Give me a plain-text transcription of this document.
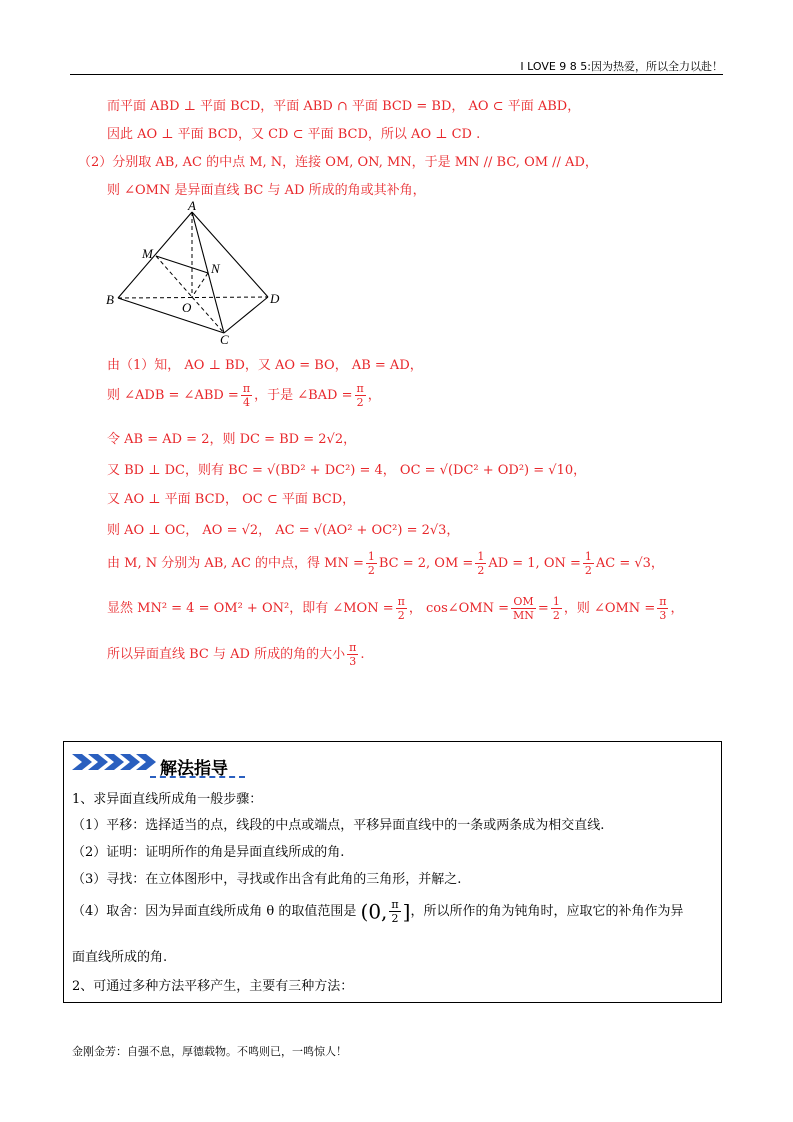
I LOVE 9 8 5:因为热爱，所以全力以赴！
而平面 ABD ⊥ 平面 BCD，平面 ABD ∩ 平面 BCD = BD， AO ⊂ 平面 ABD，
因此 AO ⊥ 平面 BCD，又 CD ⊂ 平面 BCD，所以 AO ⊥ CD .
（2）分别取 AB, AC 的中点 M, N，连接 OM, ON, MN，于是 MN // BC, OM // AD，
则 ∠OMN 是异面直线 BC 与 AD 所成的角或其补角，
A
M
N
B
O
D
C
由（1）知， AO ⊥ BD，又 AO = BO， AB = AD，
则 ∠ADB = ∠ABD = $\frac{\pi}{4}$ ，于是 ∠BAD = $\frac{\pi}{2}$ ，
令 AB = AD = 2，则 DC = BD = 2√2，
又 BD ⊥ DC，则有 BC = √(BD² + DC²) = 4， OC = √(DC² + OD²) = √10，
又 AO ⊥ 平面 BCD， OC ⊂ 平面 BCD，
则 AO ⊥ OC， AO = √2， AC = √(AO² + OC²) = 2√3，
由 M, N 分别为 AB, AC 的中点，得 MN = $\frac{1}{2}$ BC = 2, OM = $\frac{1}{2}$ AD = 1, ON = $\frac{1}{2}$ AC = √3，
显然 MN² = 4 = OM² + ON²，即有 ∠MON = $\frac{\pi}{2}$ ， cos∠OMN = $\frac{OM}{MN} = \frac{1}{2}$ ，则 ∠OMN = $\frac{\pi}{3}$ ，
所以异面直线 BC 与 AD 所成的角的大小 $\frac{\pi}{3}$ .
解法指导
1、求异面直线所成角一般步骤：
（1）平移：选择适当的点，线段的中点或端点，平移异面直线中的一条或两条成为相交直线.
（2）证明：证明所作的角是异面直线所成的角.
（3）寻找：在立体图形中，寻找或作出含有此角的三角形，并解之.
（4）取舍：因为异面直线所成角 θ 的取值范围是 (0, $\frac{\pi}{2}$ ]，所以所作的角为钝角时，应取它的补角作为异
面直线所成的角.
2、可通过多种方法平移产生，主要有三种方法：
金刚金芳：自强不息，厚德载物。不鸣则已，一鸣惊人！
